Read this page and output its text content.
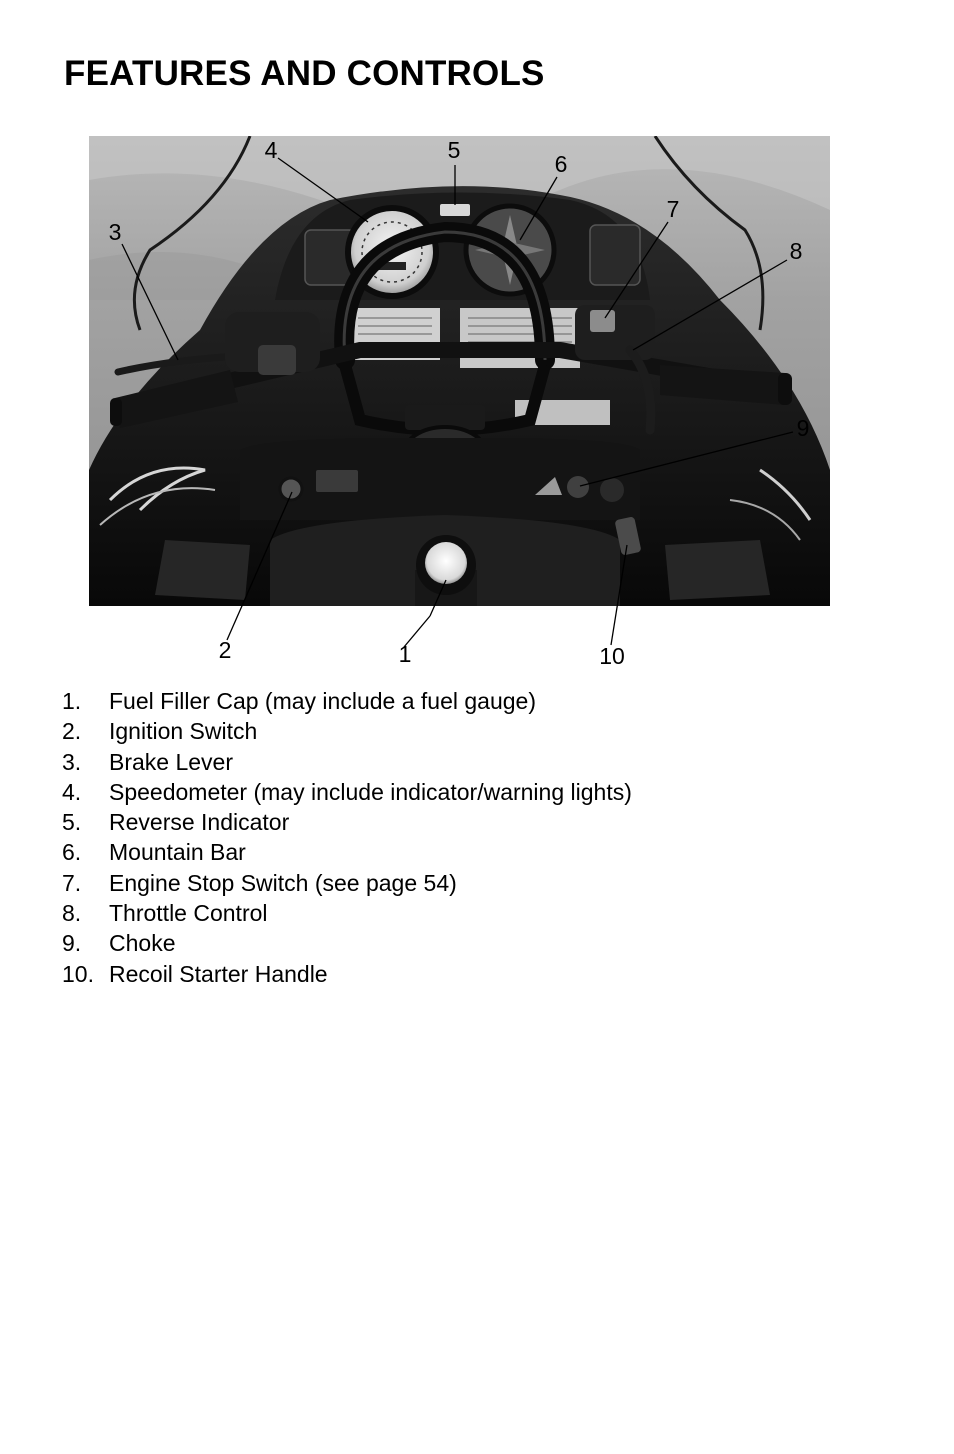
FEATURES AND CONTROLS
1
2
3
4	5
6
7
8
9
10
1.	Fuel Filler Cap (may include a fuel gauge)
2.	Ignition Switch
3.	Brake Lever
4.	Speedometer (may include indicator/warning lights)
5.	Reverse Indicator
6.	Mountain Bar
7.	Engine Stop Switch (see page 54)
8.	Throttle Control
9.	Choke
10. Recoil Starter Handle
